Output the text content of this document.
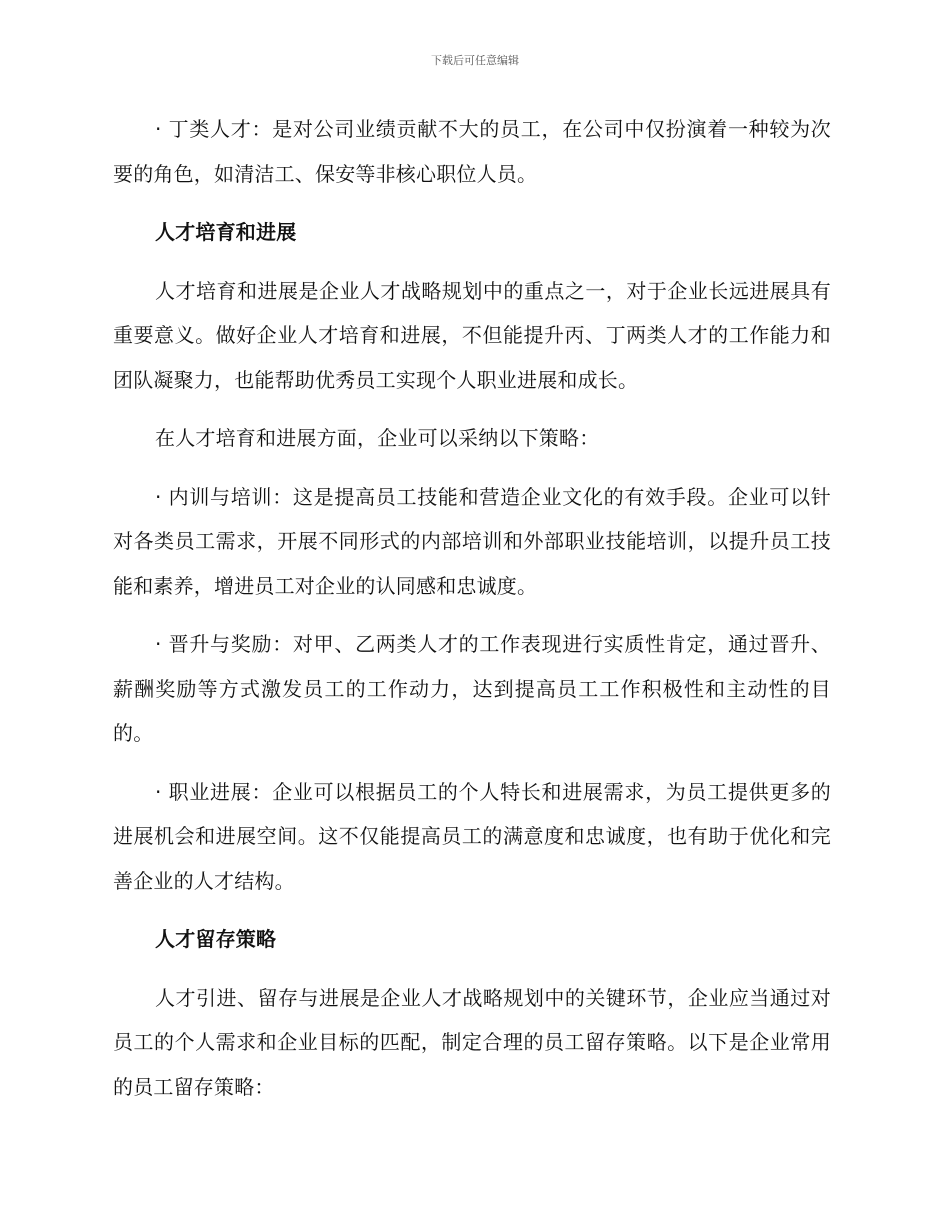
下载后可任意编辑

· 丁类人才：是对公司业绩贡献不大的员工，在公司中仅扮演着一种较为次要的角色，如清洁工、保安等非核心职位人员。

人才培育和进展

人才培育和进展是企业人才战略规划中的重点之一，对于企业长远进展具有重要意义。做好企业人才培育和进展，不但能提升丙、丁两类人才的工作能力和团队凝聚力，也能帮助优秀员工实现个人职业进展和成长。

在人才培育和进展方面，企业可以采纳以下策略：

· 内训与培训：这是提高员工技能和营造企业文化的有效手段。企业可以针对各类员工需求，开展不同形式的内部培训和外部职业技能培训，以提升员工技能和素养，增进员工对企业的认同感和忠诚度。

· 晋升与奖励：对甲、乙两类人才的工作表现进行实质性肯定，通过晋升、薪酬奖励等方式激发员工的工作动力，达到提高员工工作积极性和主动性的目的。

· 职业进展：企业可以根据员工的个人特长和进展需求，为员工提供更多的进展机会和进展空间。这不仅能提高员工的满意度和忠诚度，也有助于优化和完善企业的人才结构。

人才留存策略

人才引进、留存与进展是企业人才战略规划中的关键环节，企业应当通过对员工的个人需求和企业目标的匹配，制定合理的员工留存策略。以下是企业常用的员工留存策略：
